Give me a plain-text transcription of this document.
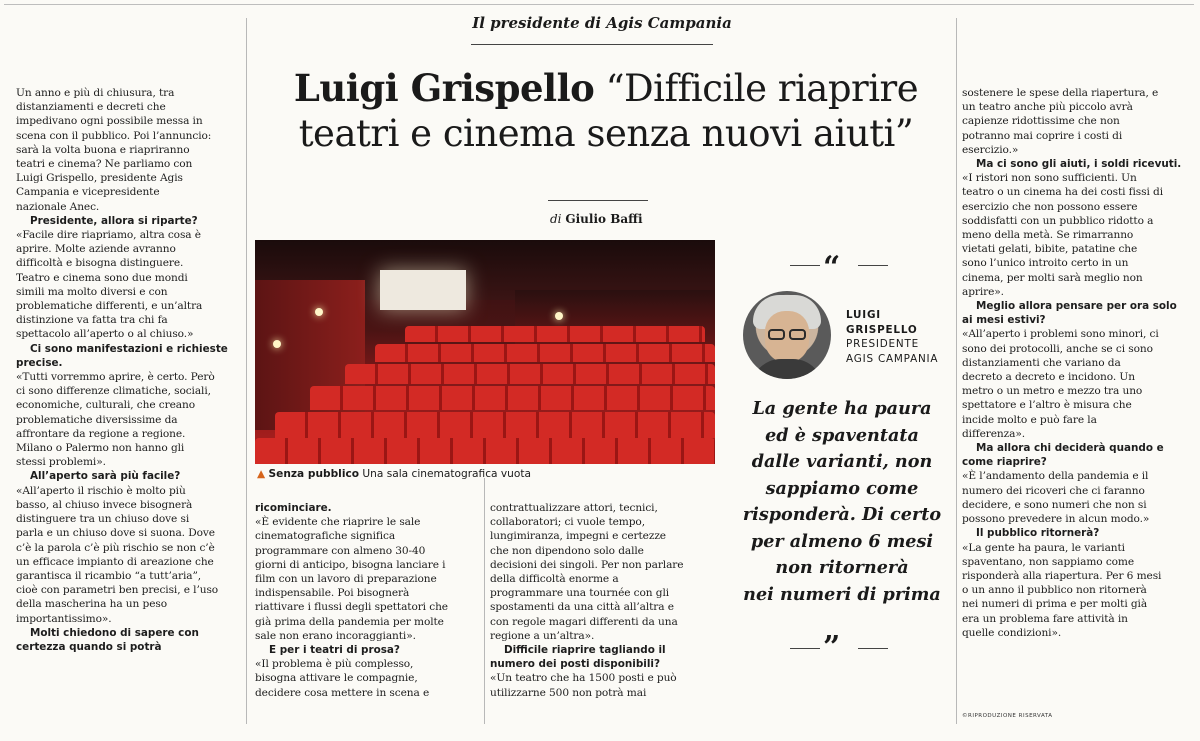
Il presidente di Agis Campania
Luigi Grispello “Difficile riaprire
teatri e cinema senza nuovi aiuti”
di Giulio Baffi
▲ Senza pubblico Una sala cinematografica vuota
Un anno e più di chiusura, tra
distanziamenti e decreti che
impedivano ogni possibile messa in
scena con il pubblico. Poi l’annuncio:
sarà la volta buona e riapriranno
teatri e cinema? Ne parliamo con
Luigi Grispello, presidente Agis
Campania e vicepresidente
nazionale Anec.
Presidente, allora si riparte?
«Facile dire riapriamo, altra cosa è
aprire. Molte aziende avranno
difficoltà e bisogna distinguere.
Teatro e cinema sono due mondi
simili ma molto diversi e con
problematiche differenti, e un’altra
distinzione va fatta tra chi fa
spettacolo all’aperto o al chiuso.»
Ci sono manifestazioni e richieste
precise.
«Tutti vorremmo aprire, è certo. Però
ci sono differenze climatiche, sociali,
economiche, culturali, che creano
problematiche diversissime da
affrontare da regione a regione.
Milano o Palermo non hanno gli
stessi problemi».
All’aperto sarà più facile?
«All’aperto il rischio è molto più
basso, al chiuso invece bisognerà
distinguere tra un chiuso dove si
parla e un chiuso dove si suona. Dove
c’è la parola c’è più rischio se non c’è
un efficace impianto di areazione che
garantisca il ricambio “a tutt’aria”,
cioè con parametri ben precisi, e l’uso
della mascherina ha un peso
importantissimo».
Molti chiedono di sapere con
certezza quando si potrà
ricominciare.
«È evidente che riaprire le sale
cinematografiche significa
programmare con almeno 30-40
giorni di anticipo, bisogna lanciare i
film con un lavoro di preparazione
indispensabile. Poi bisognerà
riattivare i flussi degli spettatori che
già prima della pandemia per molte
sale non erano incoraggianti».
E per i teatri di prosa?
«Il problema è più complesso,
bisogna attivare le compagnie,
decidere cosa mettere in scena e
contrattualizzare attori, tecnici,
collaboratori; ci vuole tempo,
lungimiranza, impegni e certezze
che non dipendono solo dalle
decisioni dei singoli. Per non parlare
della difficoltà enorme a
programmare una tournée con gli
spostamenti da una città all’altra e
con regole magari differenti da una
regione a un’altra».
Difficile riaprire tagliando il
numero dei posti disponibili?
«Un teatro che ha 1500 posti e può
utilizzarne 500 non potrà mai
“
LUIGI
GRISPELLO
PRESIDENTE
AGIS CAMPANIA
La gente ha paura
ed è spaventata
dalle varianti, non
sappiamo come
risponderà. Di certo
per almeno 6 mesi
non ritornerà
nei numeri di prima
”
sostenere le spese della riapertura, e
un teatro anche più piccolo avrà
capienze ridottissime che non
potranno mai coprire i costi di
esercizio.»
Ma ci sono gli aiuti, i soldi ricevuti.
«I ristori non sono sufficienti. Un
teatro o un cinema ha dei costi fissi di
esercizio che non possono essere
soddisfatti con un pubblico ridotto a
meno della metà. Se rimarranno
vietati gelati, bibite, patatine che
sono l’unico introito certo in un
cinema, per molti sarà meglio non
aprire».
Meglio allora pensare per ora solo
ai mesi estivi?
«All’aperto i problemi sono minori, ci
sono dei protocolli, anche se ci sono
distanziamenti che variano da
decreto a decreto e incidono. Un
metro o un metro e mezzo tra uno
spettatore e l’altro è misura che
incide molto e può fare la
differenza».
Ma allora chi deciderà quando e
come riaprire?
«È l’andamento della pandemia e il
numero dei ricoveri che ci faranno
decidere, e sono numeri che non si
possono prevedere in alcun modo.»
Il pubblico ritornerà?
«La gente ha paura, le varianti
spaventano, non sappiamo come
risponderà alla riapertura. Per 6 mesi
o un anno il pubblico non ritornerà
nei numeri di prima e per molti già
era un problema fare attività in
quelle condizioni».
©RIPRODUZIONE RISERVATA
